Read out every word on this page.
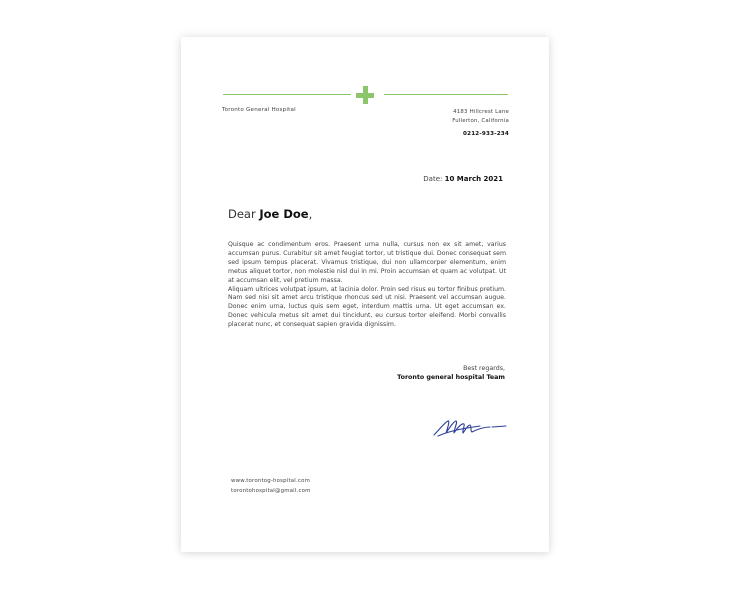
Toronto General Hospital	4183 Hillcrest Lane
Fullerton, California
0212-933-234
Date: 10 March 2021
Dear Joe Doe,

Quisque ac condimentum eros. Praesent urna nulla, cursus non ex sit amet, varius accumsan purus. Curabitur sit amet feugiat tortor, ut tristique dui. Donec consequat sem sed ipsum tempus placerat. Vivamus tristique, dui non ullamcorper elementum, enim metus aliquet tortor, non molestie nisl dui in mi. Proin accumsan et quam ac volutpat. Ut at accumsan elit, vel pretium massa.

Aliquam ultrices volutpat ipsum, at lacinia dolor. Proin sed risus eu tortor finibus pretium. Nam sed nisi sit amet arcu tristique rhoncus sed ut nisi. Praesent vel accumsan augue. Donec enim urna, luctus quis sem eget, interdum mattis urna. Ut eget accumsan ex. Donec vehicula metus sit amet dui tincidunt, eu cursus tortor eleifend. Morbi convallis placerat nunc, et consequat sapien gravida dignissim.

Best regards,
Toronto general hospital Team
www.torontog-hospital.com
torontohospital@gmail.com
